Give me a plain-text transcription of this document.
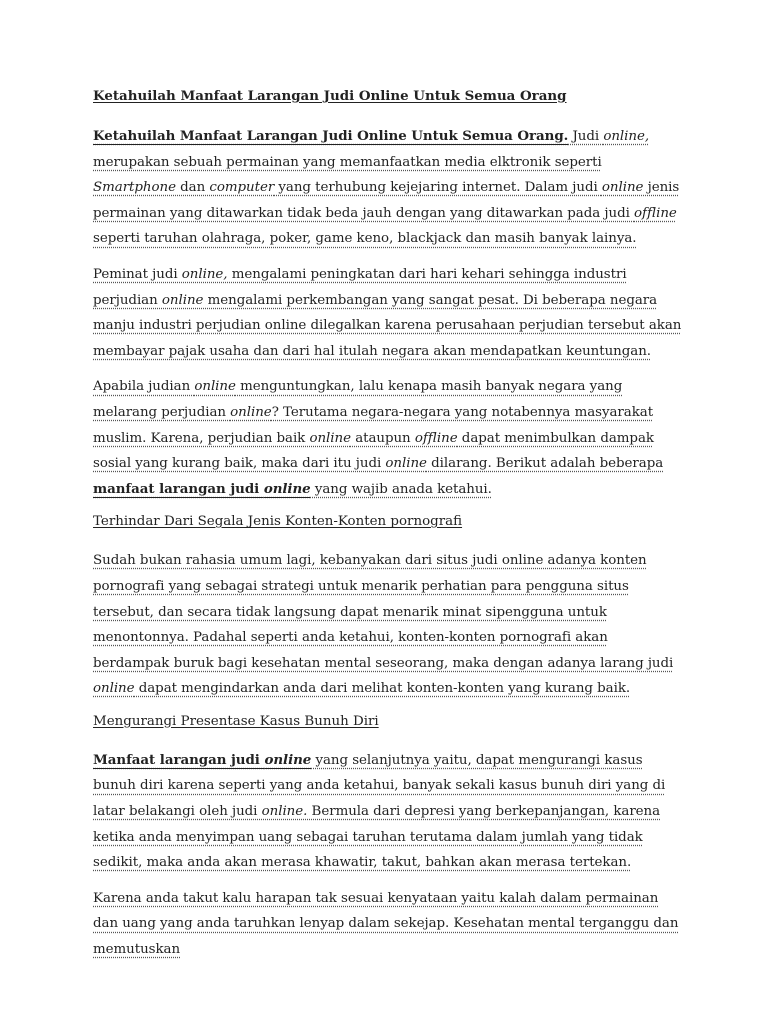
Ketahuilah Manfaat Larangan Judi Online Untuk Semua Orang

Ketahuilah Manfaat Larangan Judi Online Untuk Semua Orang. Judi online, merupakan sebuah permainan yang memanfaatkan media elktronik seperti Smartphone dan computer yang terhubung kejejaring internet. Dalam judi online jenis permainan yang ditawarkan tidak beda jauh dengan yang ditawarkan pada judi offline seperti taruhan olahraga, poker, game keno, blackjack dan masih banyak lainya.

Peminat judi online, mengalami peningkatan dari hari kehari sehingga industri perjudian online mengalami perkembangan yang sangat pesat. Di beberapa negara manju industri perjudian online dilegalkan karena perusahaan perjudian tersebut akan membayar pajak usaha dan dari hal itulah negara akan mendapatkan keuntungan.

Apabila judian online menguntungkan, lalu kenapa masih banyak negara yang melarang perjudian online? Terutama negara-negara yang notabennya masyarakat muslim. Karena, perjudian baik online ataupun offline dapat menimbulkan dampak sosial yang kurang baik, maka dari itu judi online dilarang. Berikut adalah beberapa manfaat larangan judi online yang wajib anada ketahui.

Terhindar Dari Segala Jenis Konten-Konten pornografi

Sudah bukan rahasia umum lagi, kebanyakan dari situs judi online adanya konten pornografi yang sebagai strategi untuk menarik perhatian para pengguna situs tersebut, dan secara tidak langsung dapat menarik minat sipengguna untuk menontonnya. Padahal seperti anda ketahui, konten-konten pornografi akan berdampak buruk bagi kesehatan mental seseorang, maka dengan adanya larang judi online dapat mengindarkan anda dari melihat konten-konten yang kurang baik.

Mengurangi Presentase Kasus Bunuh Diri

Manfaat larangan judi online yang selanjutnya yaitu, dapat mengurangi kasus bunuh diri karena seperti yang anda ketahui, banyak sekali kasus bunuh diri yang di latar belakangi oleh judi online. Bermula dari depresi yang berkepanjangan, karena ketika anda menyimpan uang sebagai taruhan terutama dalam jumlah yang tidak sedikit, maka anda akan merasa khawatir, takut, bahkan akan merasa tertekan.

Karena anda takut kalu harapan tak sesuai kenyataan yaitu kalah dalam permainan dan uang yang anda taruhkan lenyap dalam sekejap. Kesehatan mental terganggu dan memutuskan
